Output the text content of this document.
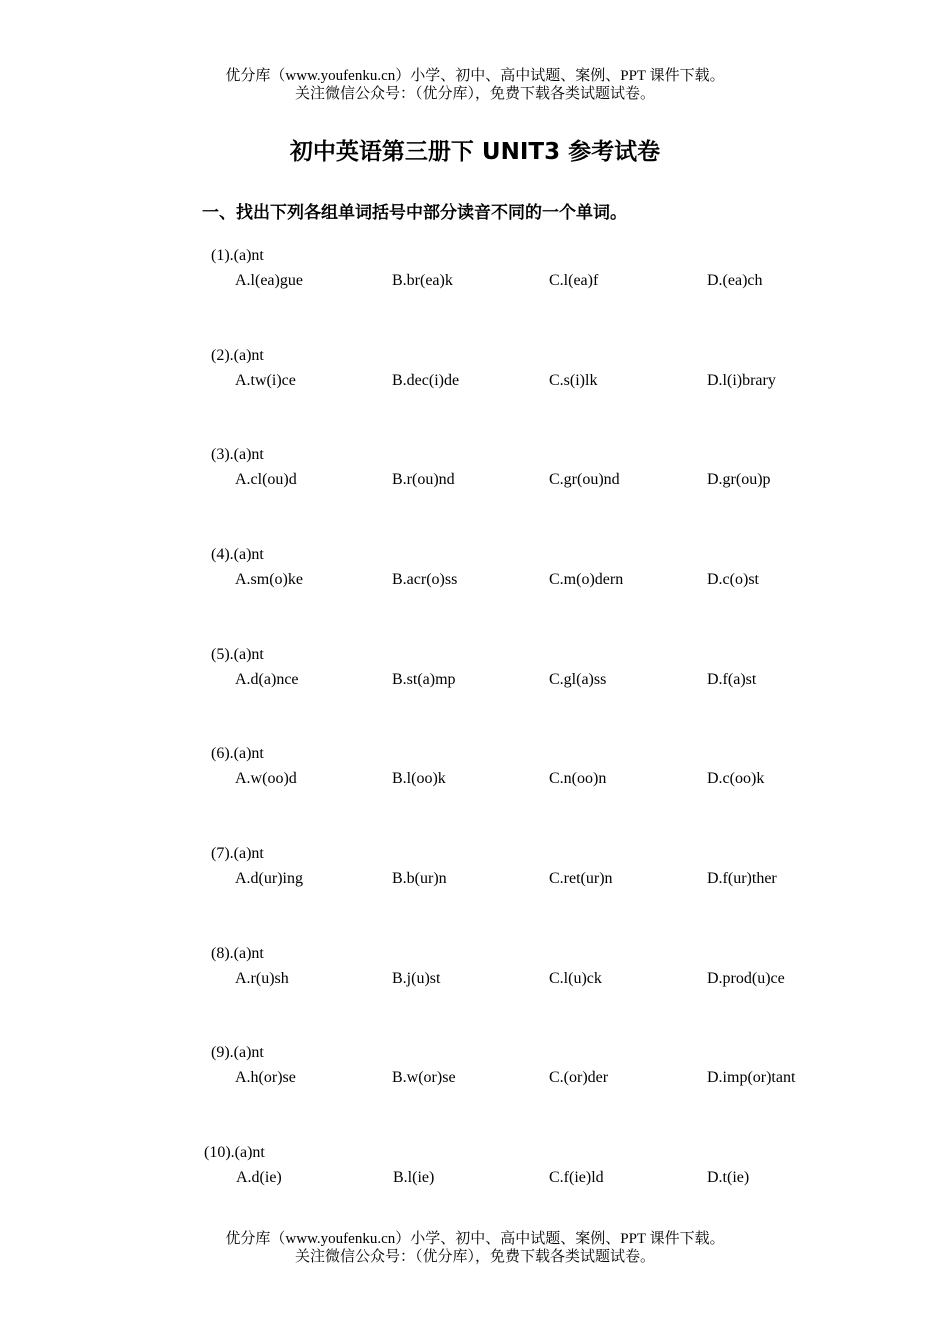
优分库（www.youfenku.cn）小学、初中、高中试题、案例、PPT 课件下载。
关注微信公众号：（优分库），免费下载各类试题试卷。
初中英语第三册下 UNIT3 参考试卷
一、找出下列各组单词括号中部分读音不同的一个单词。
(1).(a)nt
A.l(ea)gue	B.br(ea)k	C.l(ea)f	D.(ea)ch
(2).(a)nt
A.tw(i)ce	B.dec(i)de	C.s(i)lk	D.l(i)brary
(3).(a)nt
A.cl(ou)d	B.r(ou)nd	C.gr(ou)nd	D.gr(ou)p
(4).(a)nt
A.sm(o)ke	B.acr(o)ss	C.m(o)dern	D.c(o)st
(5).(a)nt
A.d(a)nce	B.st(a)mp	C.gl(a)ss	D.f(a)st
(6).(a)nt
A.w(oo)d	B.l(oo)k	C.n(oo)n	D.c(oo)k
(7).(a)nt
A.d(ur)ing	B.b(ur)n	C.ret(ur)n	D.f(ur)ther
(8).(a)nt
A.r(u)sh	B.j(u)st	C.l(u)ck	D.prod(u)ce
(9).(a)nt
A.h(or)se	B.w(or)se	C.(or)der	D.imp(or)tant
(10).(a)nt
A.d(ie)	B.l(ie)	C.f(ie)ld	D.t(ie)
优分库（www.youfenku.cn）小学、初中、高中试题、案例、PPT 课件下载。
关注微信公众号：（优分库），免费下载各类试题试卷。
